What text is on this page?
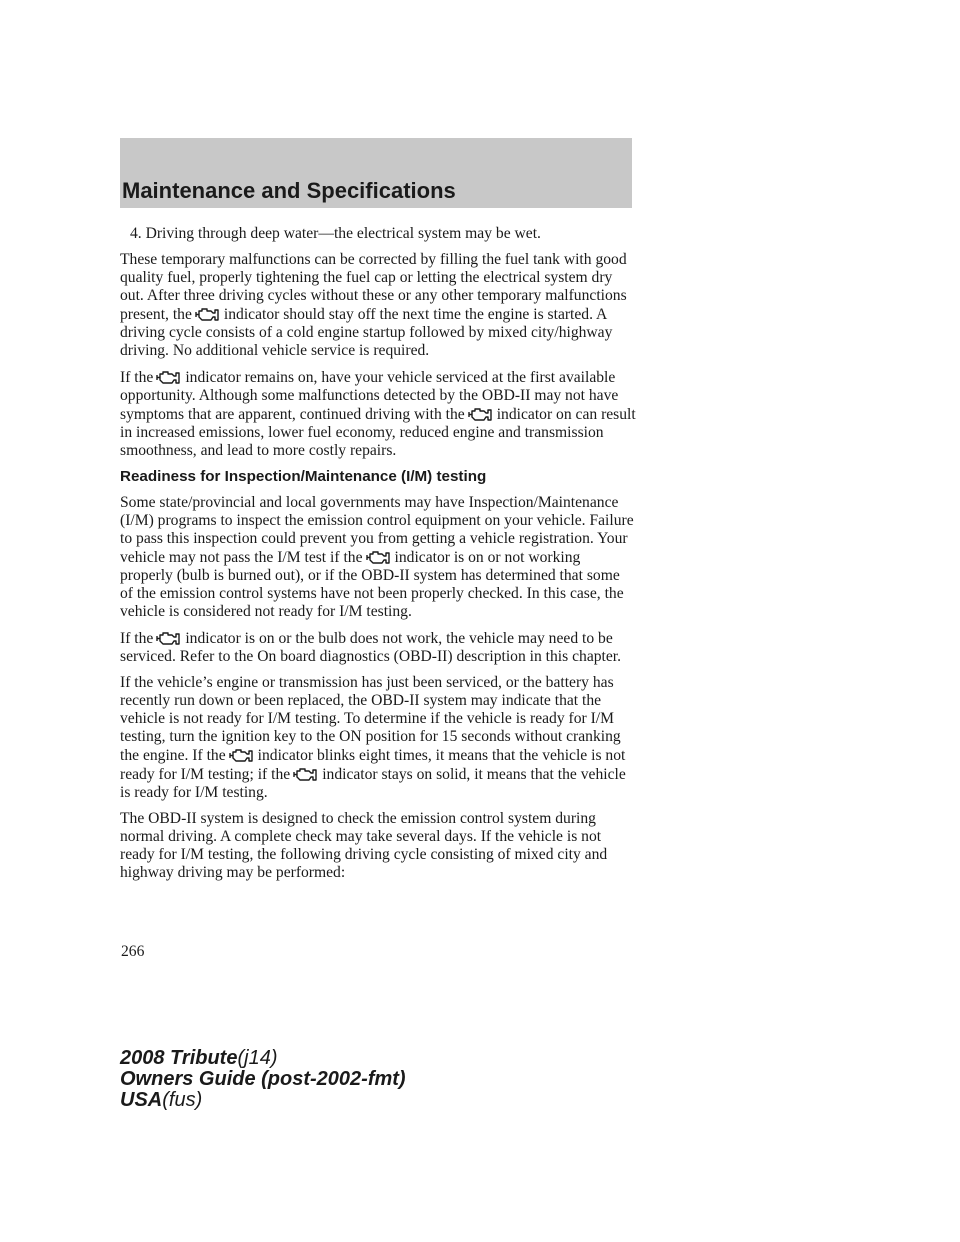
Maintenance and Specifications

4. Driving through deep water—the electrical system may be wet.

These temporary malfunctions can be corrected by filling the fuel tank with good quality fuel, properly tightening the fuel cap or letting the electrical system dry out. After three driving cycles without these or any other temporary malfunctions present, the indicator should stay off the next time the engine is started. A driving cycle consists of a cold engine startup followed by mixed city/highway driving. No additional vehicle service is required.

If the indicator remains on, have your vehicle serviced at the first available opportunity. Although some malfunctions detected by the OBD-II may not have symptoms that are apparent, continued driving with the indicator on can result in increased emissions, lower fuel economy, reduced engine and transmission smoothness, and lead to more costly repairs.

Readiness for Inspection/Maintenance (I/M) testing

Some state/provincial and local governments may have Inspection/Maintenance (I/M) programs to inspect the emission control equipment on your vehicle. Failure to pass this inspection could prevent you from getting a vehicle registration. Your vehicle may not pass the I/M test if the indicator is on or not working properly (bulb is burned out), or if the OBD-II system has determined that some of the emission control systems have not been properly checked. In this case, the vehicle is considered not ready for I/M testing.

If the indicator is on or the bulb does not work, the vehicle may need to be serviced. Refer to the On board diagnostics (OBD-II) description in this chapter.

If the vehicle’s engine or transmission has just been serviced, or the battery has recently run down or been replaced, the OBD-II system may indicate that the vehicle is not ready for I/M testing. To determine if the vehicle is ready for I/M testing, turn the ignition key to the ON position for 15 seconds without cranking the engine. If the indicator blinks eight times, it means that the vehicle is not ready for I/M testing; if the indicator stays on solid, it means that the vehicle is ready for I/M testing.

The OBD-II system is designed to check the emission control system during normal driving. A complete check may take several days. If the vehicle is not ready for I/M testing, the following driving cycle consisting of mixed city and highway driving may be performed:

266
2008 Tribute(j14)
Owners Guide (post-2002-fmt)
USA(fus)
